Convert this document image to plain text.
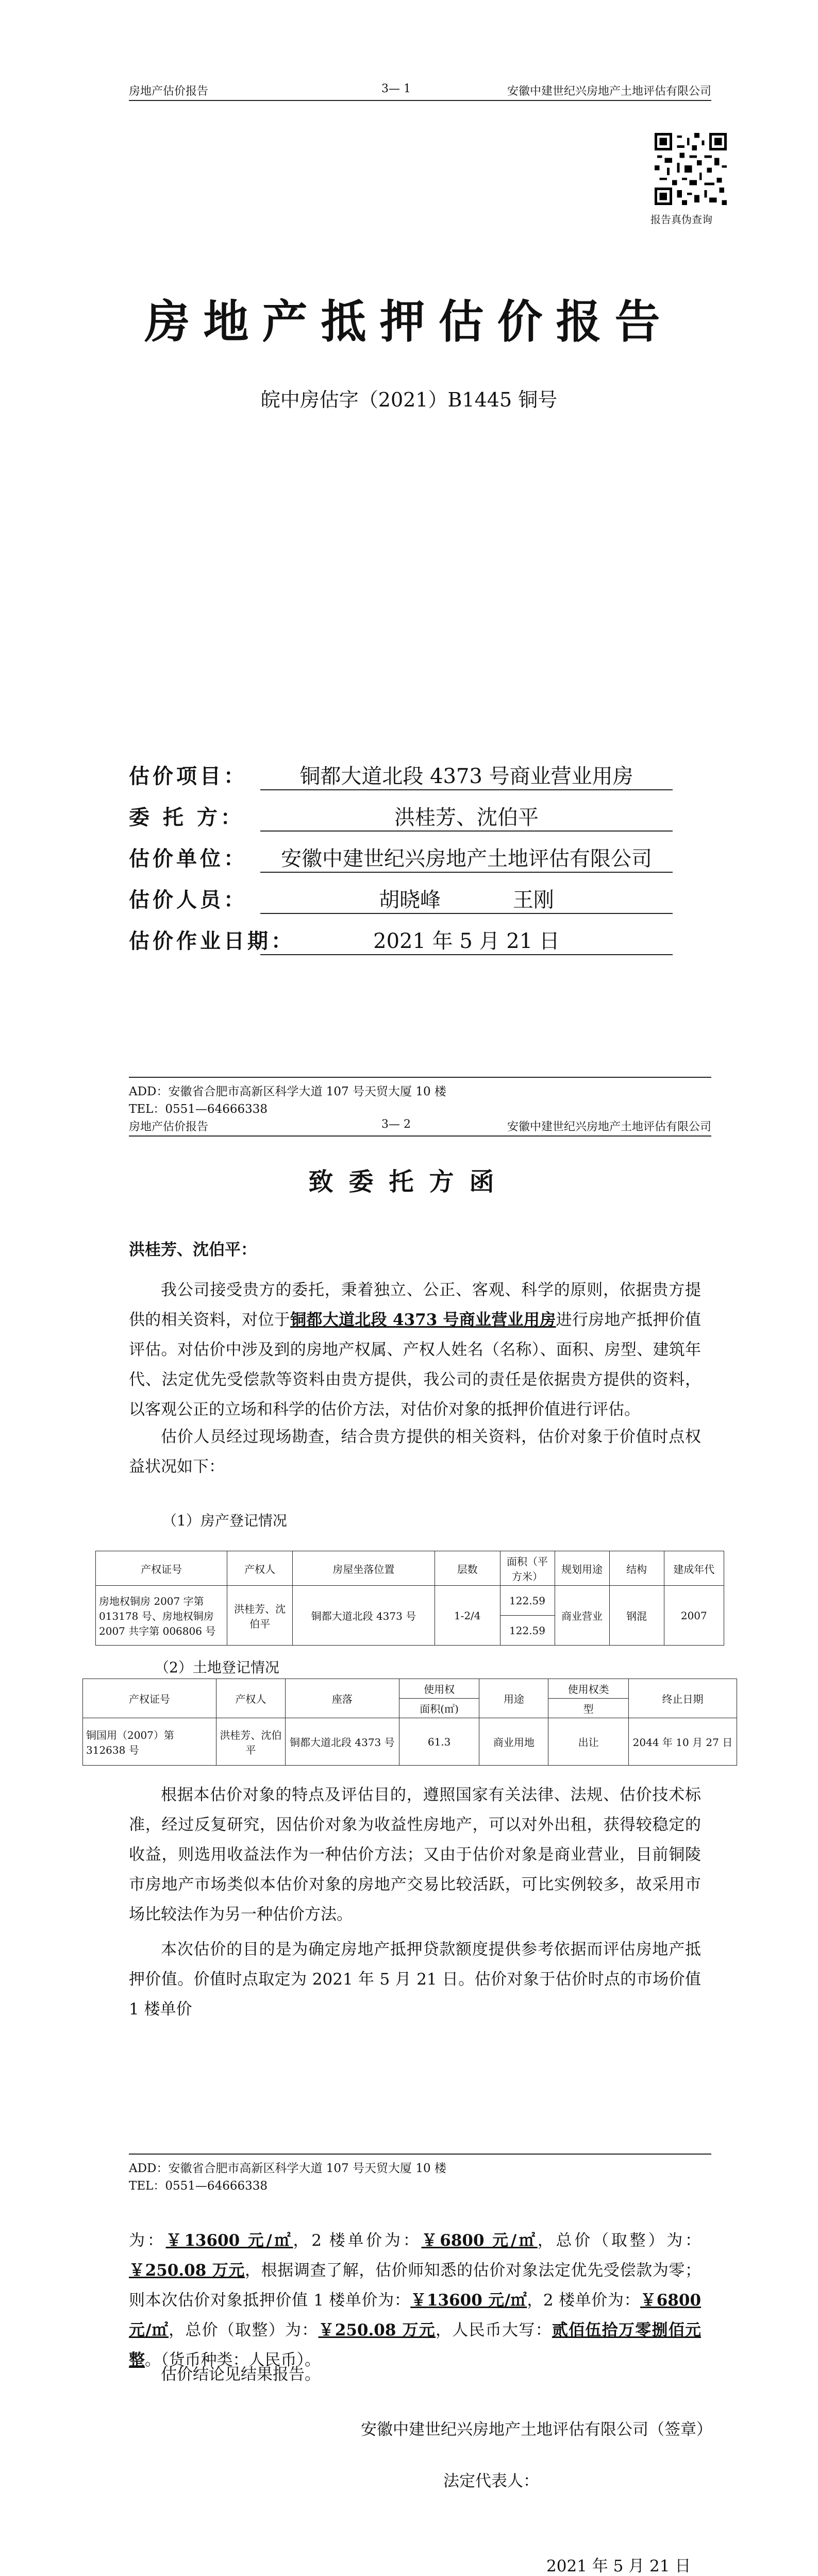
房地产估价报告	3— 1	安徽中建世纪兴房地产土地评估有限公司
报告真伪查询
房地产抵押估价报告
皖中房估字（2021）B1445 铜号
估价项目：	铜都大道北段 4373 号商业营业用房
委 托 方：	洪桂芳、沈伯平
估价单位：	安徽中建世纪兴房地产土地评估有限公司
估价人员：	胡晓峰           王刚
估价作业日期：	2021 年 5 月 21 日
ADD：安徽省合肥市高新区科学大道 107 号天贸大厦 10 楼
TEL：0551—64666338
房地产估价报告	3— 2	安徽中建世纪兴房地产土地评估有限公司
致委托方函
洪桂芳、沈伯平：
我公司接受贵方的委托，秉着独立、公正、客观、科学的原则，依据贵方提供的相关资料，对位于铜都大道北段 4373 号商业营业用房进行房地产抵押价值评估。对估价中涉及到的房地产权属、产权人姓名（名称）、面积、房型、建筑年代、法定优先受偿款等资料由贵方提供，我公司的责任是依据贵方提供的资料，以客观公正的立场和科学的估价方法，对估价对象的抵押价值进行评估。
估价人员经过现场勘查，结合贵方提供的相关资料，估价对象于价值时点权益状况如下：
（1）房产登记情况
产权证号	产权人	房屋坐落位置	层数	面积（平方米）	规划用途	结构	建成年代
房地权铜房 2007 字第 013178 号、房地权铜房 2007 共字第 006806 号	洪桂芳、沈伯平	铜都大道北段 4373 号	1-2/4	122.59	商业营业	钢混	2007
				122.59			
（2）土地登记情况
产权证号	产权人	座落	使用权	用途	使用权类	终止日期
			面积(㎡)		型	
铜国用（2007）第 312638 号	洪桂芳、沈伯平	铜都大道北段 4373 号	61.3	商业用地	出让	2044 年 10 月 27 日
根据本估价对象的特点及评估目的，遵照国家有关法律、法规、估价技术标准，经过反复研究，因估价对象为收益性房地产，可以对外出租，获得较稳定的收益，则选用收益法作为一种估价方法；又由于估价对象是商业营业，目前铜陵市房地产市场类似本估价对象的房地产交易比较活跃，可比实例较多，故采用市场比较法作为另一种估价方法。
本次估价的目的是为确定房地产抵押贷款额度提供参考依据而评估房地产抵押价值。价值时点取定为 2021 年 5 月 21 日。估价对象于估价时点的市场价值 1 楼单价
ADD：安徽省合肥市高新区科学大道 107 号天贸大厦 10 楼
TEL：0551—64666338
为：￥13600 元/㎡，2 楼单价为：￥6800 元/㎡，总价（取整）为：￥250.08 万元，根据调查了解，估价师知悉的估价对象法定优先受偿款为零；则本次估价对象抵押价值 1 楼单价为：￥13600 元/㎡，2 楼单价为：￥6800 元/㎡，总价（取整）为：￥250.08 万元，人民币大写：贰佰伍拾万零捌佰元整。（货币种类：人民币）。
估价结论见结果报告。
安徽中建世纪兴房地产土地评估有限公司（签章）
法定代表人：
2021 年 5 月 21 日
